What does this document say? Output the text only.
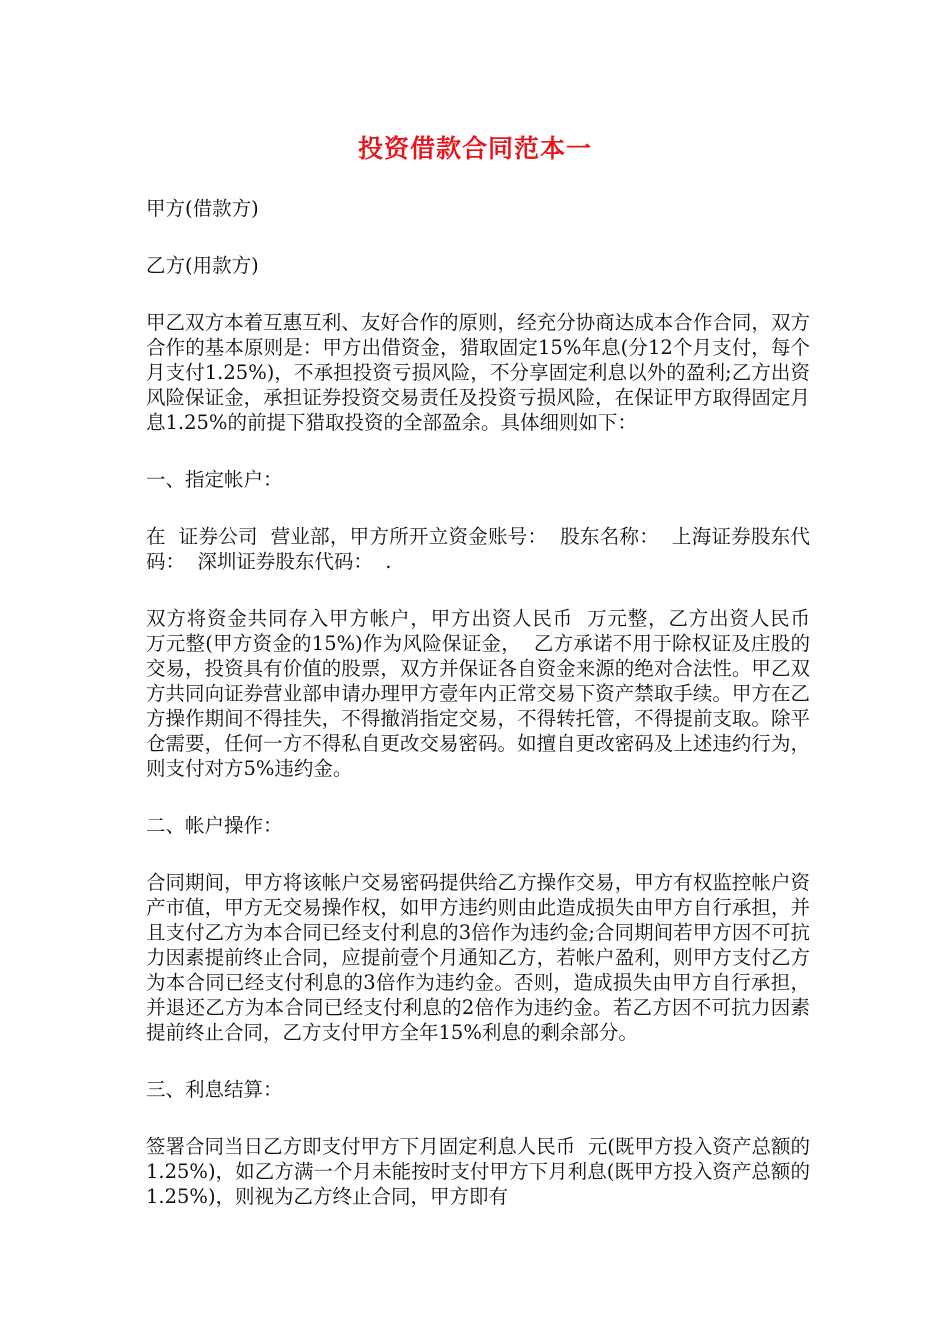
投资借款合同范本一

甲方(借款方)

乙方(用款方)

甲乙双方本着互惠互利、友好合作的原则，经充分协商达成本合作合同，双方合作的基本原则是：甲方出借资金，猎取固定15%年息(分12个月支付，每个月支付1.25%)，不承担投资亏损风险，不分享固定利息以外的盈利;乙方出资风险保证金，承担证券投资交易责任及投资亏损风险，在保证甲方取得固定月息1.25%的前提下猎取投资的全部盈余。具体细则如下：

一、指定帐户：

在  证券公司  营业部，甲方所开立资金账号：  股东名称：  上海证券股东代码：  深圳证券股东代码：  .

双方将资金共同存入甲方帐户，甲方出资人民币  万元整，乙方出资人民币  万元整(甲方资金的15%)作为风险保证金，  乙方承诺不用于除权证及庄股的交易，投资具有价值的股票，双方并保证各自资金来源的绝对合法性。甲乙双方共同向证券营业部申请办理甲方壹年内正常交易下资产禁取手续。甲方在乙方操作期间不得挂失，不得撤消指定交易，不得转托管，不得提前支取。除平仓需要，任何一方不得私自更改交易密码。如擅自更改密码及上述违约行为，则支付对方5%违约金。

二、帐户操作：

合同期间，甲方将该帐户交易密码提供给乙方操作交易，甲方有权监控帐户资产市值，甲方无交易操作权，如甲方违约则由此造成损失由甲方自行承担，并且支付乙方为本合同已经支付利息的3倍作为违约金;合同期间若甲方因不可抗力因素提前终止合同，应提前壹个月通知乙方，若帐户盈利，则甲方支付乙方为本合同已经支付利息的3倍作为违约金。否则，造成损失由甲方自行承担，并退还乙方为本合同已经支付利息的2倍作为违约金。若乙方因不可抗力因素提前终止合同，乙方支付甲方全年15%利息的剩余部分。

三、利息结算：

签署合同当日乙方即支付甲方下月固定利息人民币  元(既甲方投入资产总额的1.25%)，如乙方满一个月未能按时支付甲方下月利息(既甲方投入资产总额的1.25%)，则视为乙方终止合同，甲方即有
